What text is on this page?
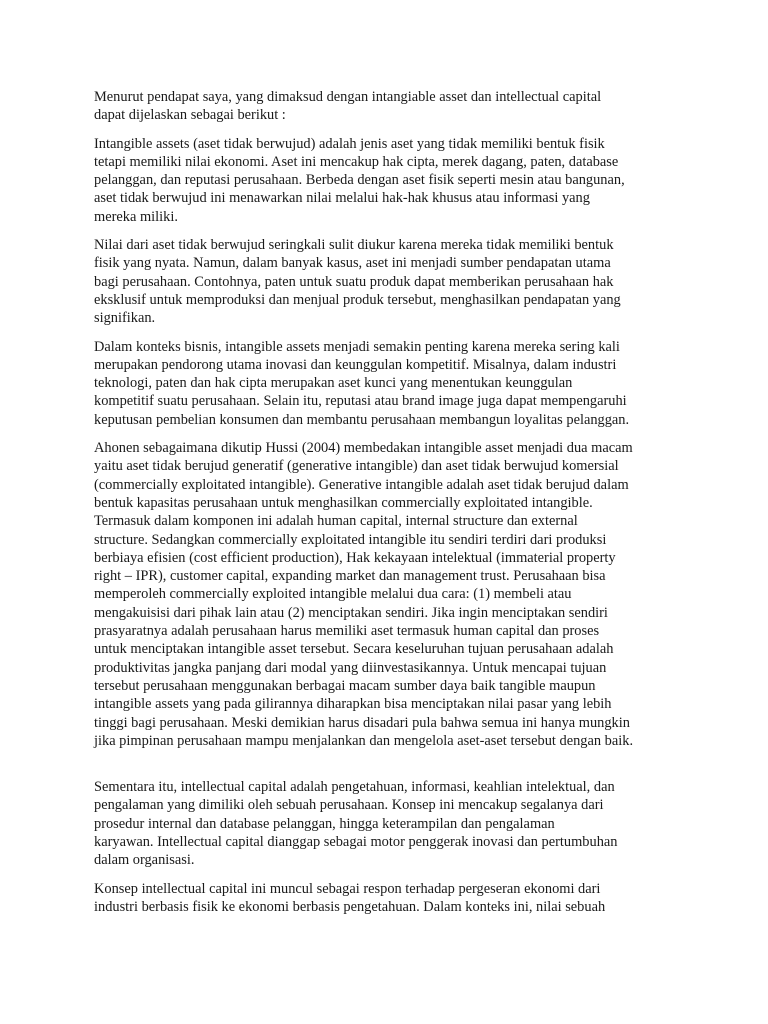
Menurut pendapat saya, yang dimaksud dengan intangiable asset dan intellectual capital
dapat dijelaskan sebagai berikut :

Intangible assets (aset tidak berwujud) adalah jenis aset yang tidak memiliki bentuk fisik
tetapi memiliki nilai ekonomi. Aset ini mencakup hak cipta, merek dagang, paten, database
pelanggan, dan reputasi perusahaan. Berbeda dengan aset fisik seperti mesin atau bangunan,
aset tidak berwujud ini menawarkan nilai melalui hak-hak khusus atau informasi yang
mereka miliki.

Nilai dari aset tidak berwujud seringkali sulit diukur karena mereka tidak memiliki bentuk
fisik yang nyata. Namun, dalam banyak kasus, aset ini menjadi sumber pendapatan utama
bagi perusahaan. Contohnya, paten untuk suatu produk dapat memberikan perusahaan hak
eksklusif untuk memproduksi dan menjual produk tersebut, menghasilkan pendapatan yang
signifikan.

Dalam konteks bisnis, intangible assets menjadi semakin penting karena mereka sering kali
merupakan pendorong utama inovasi dan keunggulan kompetitif. Misalnya, dalam industri
teknologi, paten dan hak cipta merupakan aset kunci yang menentukan keunggulan
kompetitif suatu perusahaan. Selain itu, reputasi atau brand image juga dapat mempengaruhi
keputusan pembelian konsumen dan membantu perusahaan membangun loyalitas pelanggan.

Ahonen sebagaimana dikutip Hussi (2004) membedakan intangible asset menjadi dua macam
yaitu aset tidak berujud generatif (generative intangible) dan aset tidak berwujud komersial
(commercially exploitated intangible). Generative intangible adalah aset tidak berujud dalam
bentuk kapasitas perusahaan untuk menghasilkan commercially exploitated intangible.
Termasuk dalam komponen ini adalah human capital, internal structure dan external
structure. Sedangkan commercially exploitated intangible itu sendiri terdiri dari produksi
berbiaya efisien (cost efficient production), Hak kekayaan intelektual (immaterial property
right – IPR), customer capital, expanding market dan management trust. Perusahaan bisa
memperoleh commercially exploited intangible melalui dua cara: (1) membeli atau
mengakuisisi dari pihak lain atau (2) menciptakan sendiri. Jika ingin menciptakan sendiri
prasyaratnya adalah perusahaan harus memiliki aset termasuk human capital dan proses
untuk menciptakan intangible asset tersebut. Secara keseluruhan tujuan perusahaan adalah
produktivitas jangka panjang dari modal yang diinvestasikannya. Untuk mencapai tujuan
tersebut perusahaan menggunakan berbagai macam sumber daya baik tangible maupun
intangible assets yang pada gilirannya diharapkan bisa menciptakan nilai pasar yang lebih
tinggi bagi perusahaan. Meski demikian harus disadari pula bahwa semua ini hanya mungkin
jika pimpinan perusahaan mampu menjalankan dan mengelola aset-aset tersebut dengan baik.

Sementara itu, intellectual capital adalah pengetahuan, informasi, keahlian intelektual, dan
pengalaman yang dimiliki oleh sebuah perusahaan. Konsep ini mencakup segalanya dari
prosedur internal dan database pelanggan, hingga keterampilan dan pengalaman
karyawan. Intellectual capital dianggap sebagai motor penggerak inovasi dan pertumbuhan
dalam organisasi.

Konsep intellectual capital ini muncul sebagai respon terhadap pergeseran ekonomi dari
industri berbasis fisik ke ekonomi berbasis pengetahuan. Dalam konteks ini, nilai sebuah
